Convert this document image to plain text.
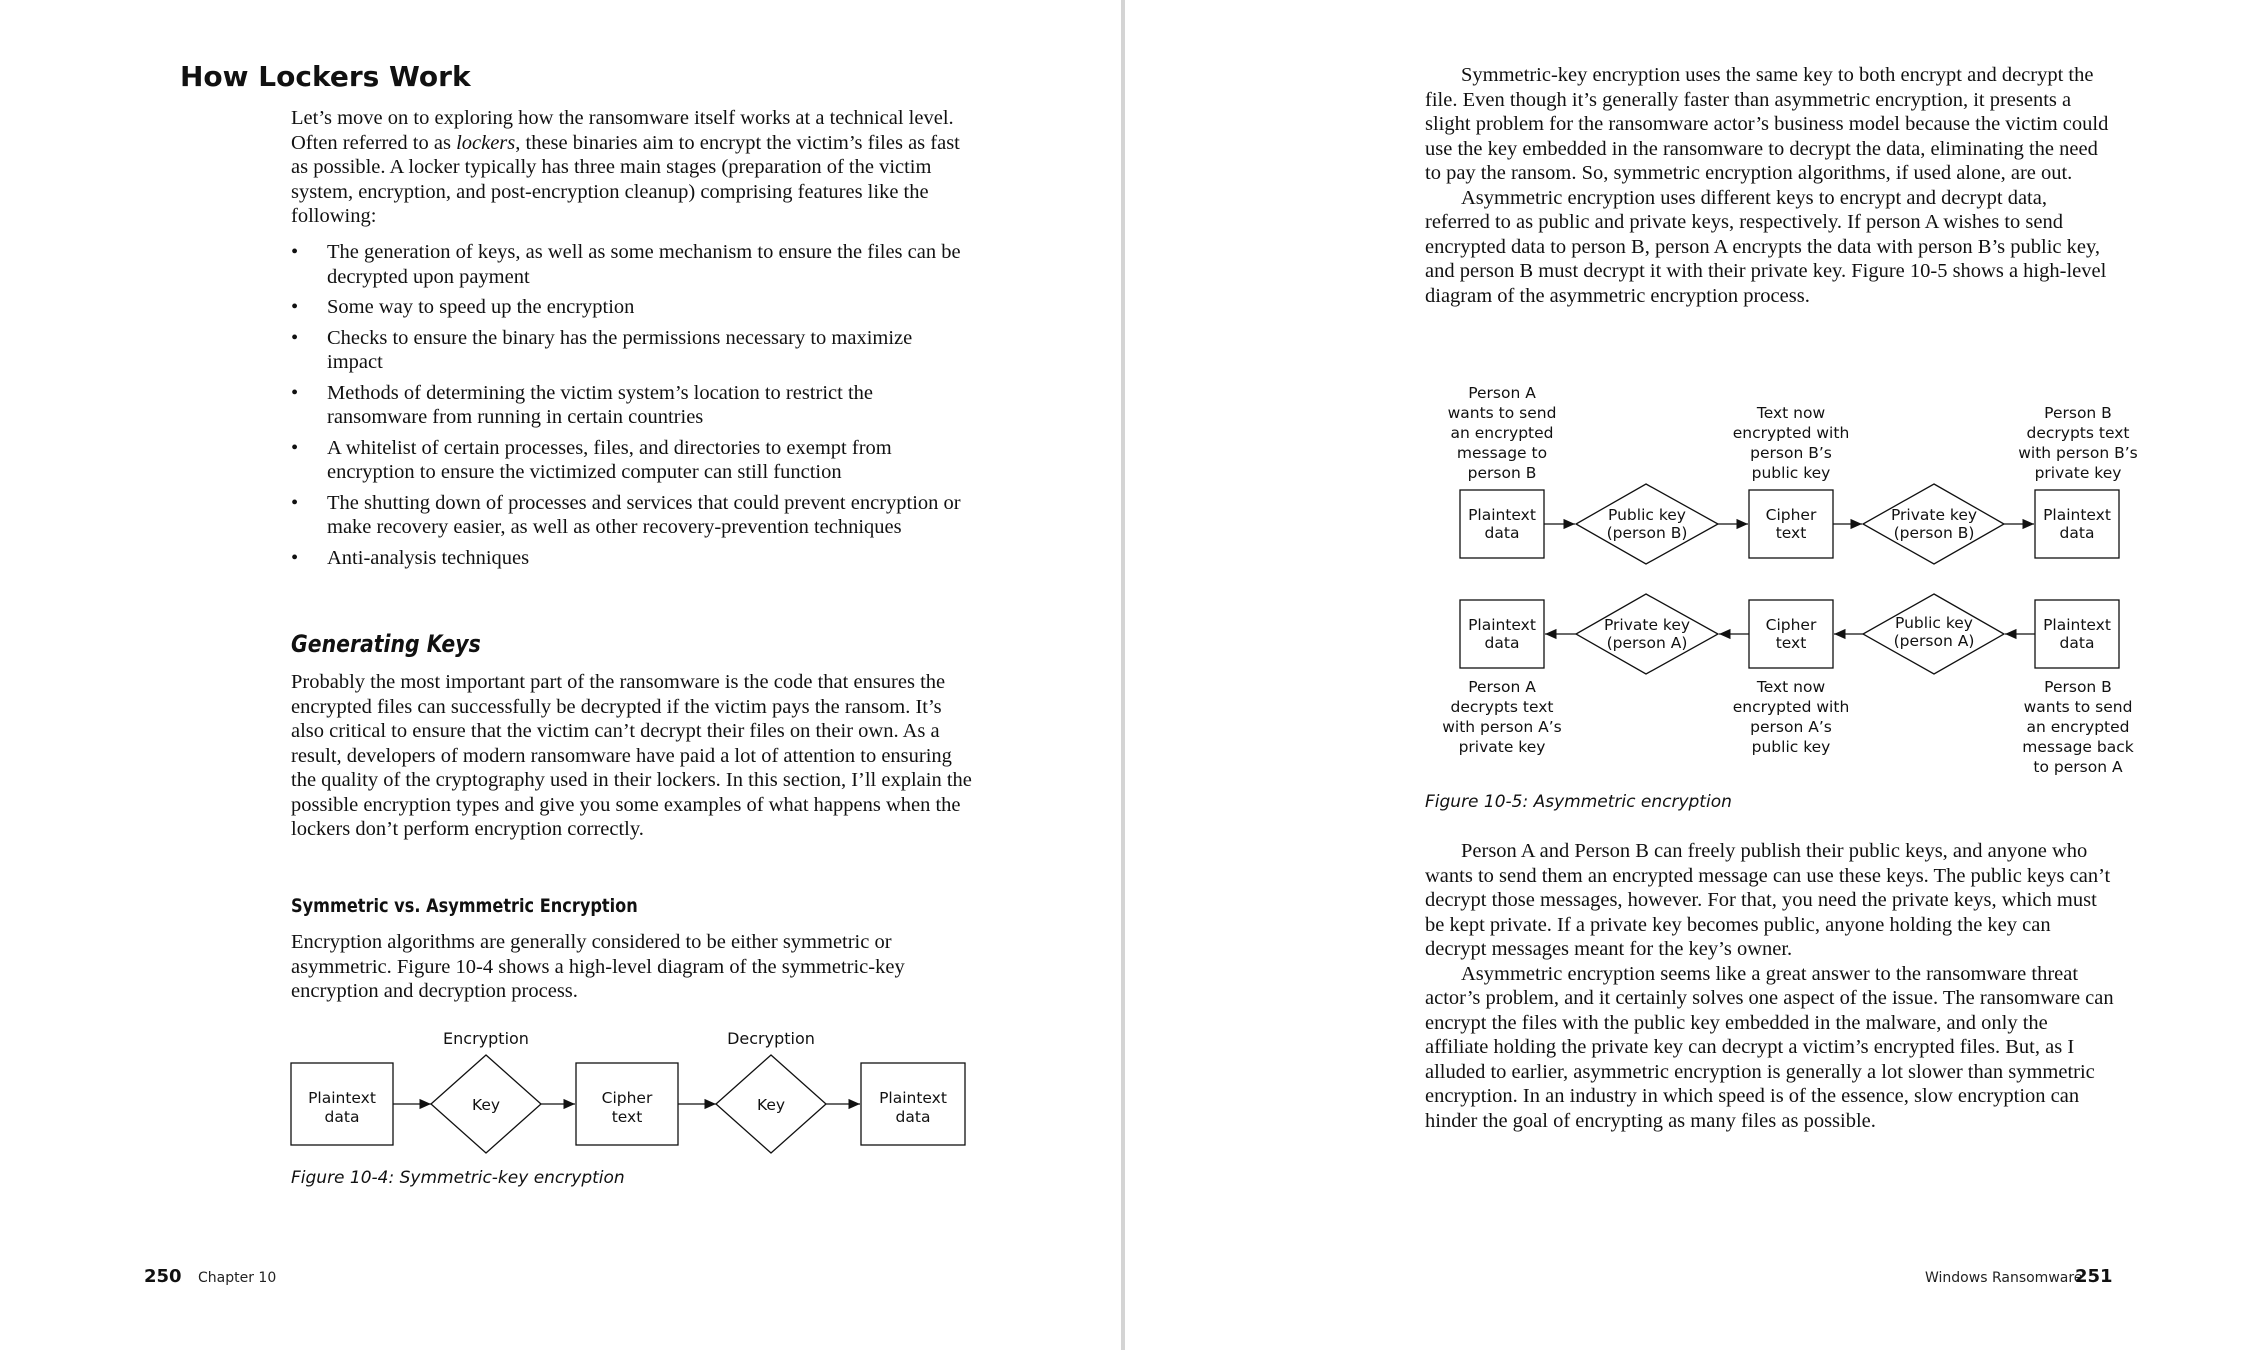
How Lockers Work

Let’s move on to exploring how the ransomware itself works at a technical level. Often referred to as lockers, these binaries aim to encrypt the victim’s files as fast as possible. A locker typically has three main stages (preparation of the victim system, encryption, and post-encryption cleanup) comprising features like the following:

• The generation of keys, as well as some mechanism to ensure the files can be decrypted upon payment
• Some way to speed up the encryption
• Checks to ensure the binary has the permissions necessary to maximize impact
• Methods of determining the victim system’s location to restrict the ransomware from running in certain countries
• A whitelist of certain processes, files, and directories to exempt from encryption to ensure the victimized computer can still function
• The shutting down of processes and services that could prevent encryption or make recovery easier, as well as other recovery-prevention techniques
• Anti-analysis techniques
Generating Keys

Probably the most important part of the ransomware is the code that ensures the encrypted files can successfully be decrypted if the victim pays the ransom. It’s also critical to ensure that the victim can’t decrypt their files on their own. As a result, developers of modern ransomware have paid a lot of attention to ensuring the quality of the cryptography used in their lockers. In this section, I’ll explain the possible encryption types and give you some examples of what happens when the lockers don’t perform encryption correctly.

Symmetric vs. Asymmetric Encryption

Encryption algorithms are generally considered to be either symmetric or asymmetric. Figure 10-4 shows a high-level diagram of the symmetric-key encryption and decryption process.

Encryption	Decryption
Plaintext
data
Key	Cipher
text
Key	Plaintext
data
Figure 10-4: Symmetric-key encryption
250 Chapter 10

Symmetric-key encryption uses the same key to both encrypt and decrypt the file. Even though it’s generally faster than asymmetric encryption, it presents a slight problem for the ransomware actor’s business model because the victim could use the key embedded in the ransomware to decrypt the data, eliminating the need to pay the ransom. So, symmetric encryption algorithms, if used alone, are out.

Asymmetric encryption uses different keys to encrypt and decrypt data, referred to as public and private keys, respectively. If person A wishes to send encrypted data to person B, person A encrypts the data with person B’s public key, and person B must decrypt it with their private key. Figure 10-5 shows a high-level diagram of the asymmetric encryption process.

Person A
wants to send
an encrypted
message to
person B
Text now
encrypted with
person B’s
public key
Person B
decrypts text
with person B’s
private key
Plaintext
data
Public key
(person B)
Cipher
text
Private key
(person B)
Plaintext
data
Plaintext
data
Private key
(person A)
Cipher
text
Public key
(person A)
Plaintext
data
Person A
decrypts text
with person A’s
private key
Text now
encrypted with
person A’s
public key
Person B
wants to send
an encrypted
message back
to person A
Figure 10-5: Asymmetric encryption

Person A and Person B can freely publish their public keys, and anyone who wants to send them an encrypted message can use these keys. The public keys can’t decrypt those messages, however. For that, you need the private keys, which must be kept private. If a private key becomes public, anyone holding the key can decrypt messages meant for the key’s owner.

Asymmetric encryption seems like a great answer to the ransomware threat actor’s problem, and it certainly solves one aspect of the issue. The ransomware can encrypt the files with the public key embedded in the malware, and only the affiliate holding the private key can decrypt a victim’s encrypted files. But, as I alluded to earlier, asymmetric encryption is generally a lot slower than symmetric encryption. In an industry in which speed is of the essence, slow encryption can hinder the goal of encrypting as many files as possible.

Windows Ransomware
251
